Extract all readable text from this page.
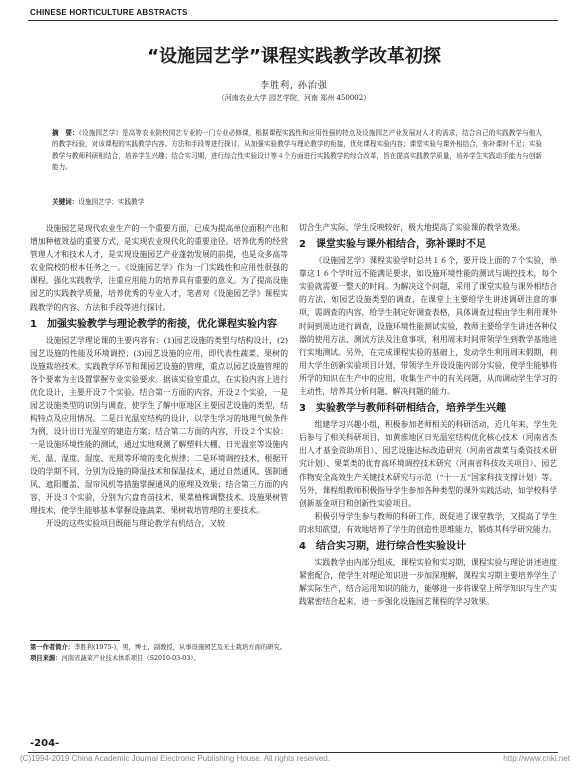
CHINESE HORTICULTURE ABSTRACTS
“设施园艺学”课程实践教学改革初探
李胜利, 孙治强
（河南农业大学 园艺学院，河南 郑州 450002）
摘　要：《设施园艺学》是高等农业院校园艺专业的一门专业必修课，根据课程实践性和应用性强的特点及设施园艺产业发展对人才的需求，结合自己的实践教学与他人的教学经验，对该课程的实践教学内容、方法和手段等进行探讨，从加强实验教学与理论教学的衔接，优化课程实验内容；课堂实验与课外相结合，弥补课时不足；实验教学与教师科研相结合，培养学生兴趣；结合实习期，进行综合性实验设计等４个方面进行实践教学的综合改革，旨在提高实践教学质量，培养学生实践动手能力与创新能力。
关键词：设施园艺学；实践教学

设施园艺是现代农业生产的一个重要方面，已成为提高单位面积产出和增加种植效益的重要方式，是实现农业现代化的重要途径。培养优秀的经营管理人才和技术人才，是实现设施园艺产业蓬勃发展的前提，也是众多高等农业院校的根本任务之一。《设施园艺学》作为一门实践性和应用性很强的课程，强化实践教学，注重应用能力的培养具有重要的意义。为了提高设施园艺的实践教学质量，培养优秀的专业人才，笔者对《设施园艺学》课程实践教学的内容、方法和手段等进行探讨。

1　加强实验教学与理论教学的衔接，优化课程实验内容

设施园艺学理论课的主要内容有：(1)园艺设施的类型与结构设计，(2)园艺设施的性能及环境调控；(3)园艺设施的应用，即代表性蔬菜、果树的设施栽培技术。实践教学环节和课园艺设施的管理，重点以园艺设施管理的各个要素为主设置掌握专业实验要求。据该实验室重点，在实验内容上进行优化设计，主要开设７个实验。结合第一方面的内容，开设２个实验，一是园艺设施类型的识别与调查，使学生了解中原地区主要园艺设施的类型，结构特点及应用情况。二是日光温室结构的设计，以学生学习的地理气候条件为例，设计出日光温室的建造方案；结合第二方面的内容，开设２个实验：一是设施环境性能的测试，通过实地观测了解塑料大棚、日光温室等设施内光、温、湿度、湿度、光照等环境的变化规律；二是环境调控技术，根据开设的学期不同，分别为设施的降温技术和保温技术，通过自然通风、强制通风、遮阳覆盖、湿帘风机等措施掌握通风的原理及效果；结合第三方面的内容，开设３个实验，分别为穴盘育苗技术、果菜植株调整技术、设施果树管理技术，使学生能够基本掌握设施蔬菜、果树栽培管理的主要技术。

开设的这些实验项目既能与理论教学有机结合，又较

切合生产实际，学生反映较好，极大地提高了实验课的教学效果。

2　课堂实验与课外相结合，弥补课时不足

《设施园艺学》课程实验学时总共１６个，要开设上面的７个实验，单靠这１６个学时远不能满足要求，如设施环境性能的测试与调控技术，每个实验就需要一整天的时间。为解决这个问题，采用了课堂实验与课外相结合的方法，如园艺设施类型的调查，在课堂上主要给学生讲述调研注意的事项，需调查的内容，给学生制定好调查表格，具体调查过程由学生利用课外时间到周边进行调查，设施环境性能测试实验，教师主要给学生讲述各种仪器的使用方法、测试方法及注意事项，利用周末时间带领学生到教学基地进行实地测试。另外，在完成课程实验的基础上，发动学生利用周末假期，利用大学生创新实验项目计划，带领学生开设设施内部分实验，使学生能够将所学的知识在生产中的应用，收集生产中的有关问题，从而调动学生学习的主动性，培养其分析问题、解决问题的能力。

3　实验教学与教师科研相结合，培养学生兴趣

组建学习兴趣小组，积极参加老师相关的科研活动，近几年来，学生先后参与了相关科研项目，如黄淮地区日光温室结构优化核心技术（河南省杰出人才基金资助项目）、园艺设施达标改造研究（河南省蔬菜与桑资技术研究计划）、果菜类的优育高环境调控技术研究（河南省科技攻关项目）、园艺作物安全高效生产关键技术研究与示范（“十一五”国家科技支撑计划）等。另外，课程组教师积极指导学生参加各种类型的课外实践活动，如学校科学创新基金项目和创新性实验项目。

积极引导学生参与教师的科研工作，既促进了课堂教学，又提高了学生的求知欲望，有效地培养了学生的创造性思维能力，锻炼其科学研究能力。

4　结合实习期，进行综合性实验设计

实践教学由内部分组成，课程实验和实习期，课程实验与理论讲述进度紧密配合，使学生对理论知识进一步加深理解，课程实习期主要培养学生了解实际生产，结合运用知识的能力，能够进一步将课堂上所学知识与生产实践紧密结合起来，进一步强化设施园艺课程的学习效果。

第一作者简介：李胜利(1975-)，男，博士，副教授，从事设施园艺及无土栽培方面的研究。
项目来源：河南省蔬菜产业技术体系项目（S2010-03-03）。
-204-
(C)1994-2019 China Academic Journal Electronic Publishing House. All rights reserved.	http://www.cnki.net
